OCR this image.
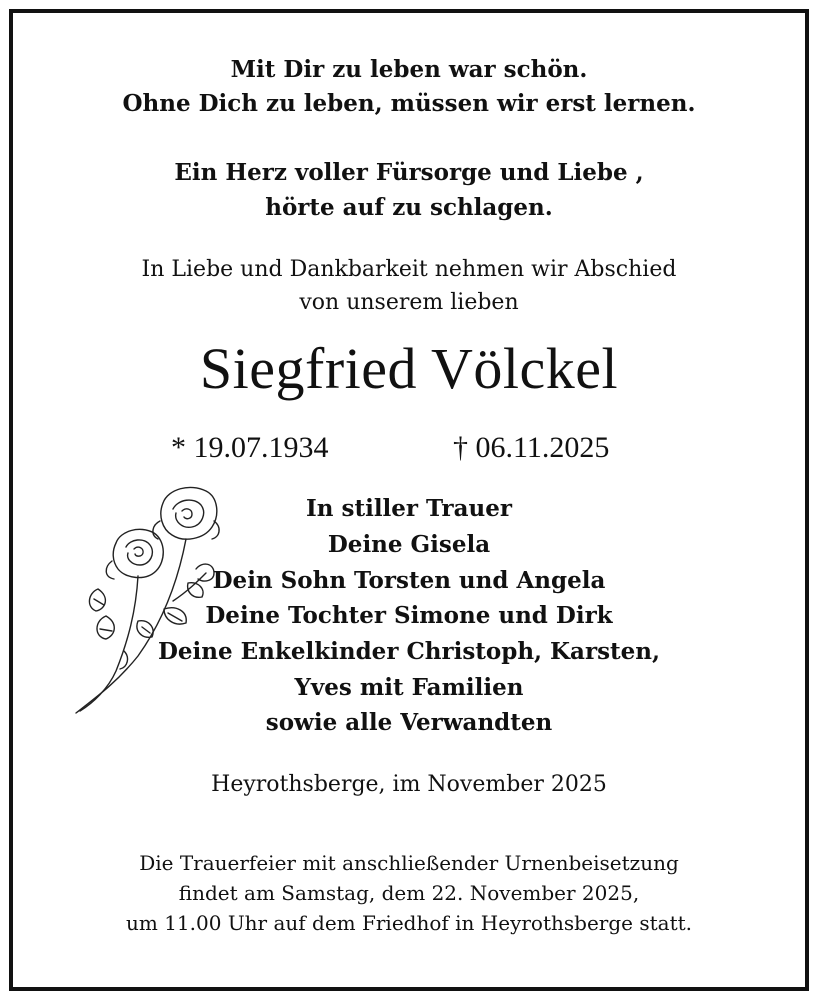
Mit Dir zu leben war schön.
Ohne Dich zu leben, müssen wir erst lernen.
Ein Herz voller Fürsorge und Liebe ,
hörte auf zu schlagen.
In Liebe und Dankbarkeit nehmen wir Abschied
von unserem lieben
Siegfried Völckel
* 19.07.1934	† 06.11.2025
In stiller Trauer
Deine Gisela
Dein Sohn Torsten und Angela
Deine Tochter Simone und Dirk
Deine Enkelkinder Christoph, Karsten,
Yves mit Familien
sowie alle Verwandten
Heyrothsberge, im November 2025
Die Trauerfeier mit anschließender Urnenbeisetzung
findet am Samstag, dem 22. November 2025,
um 11.00 Uhr auf dem Friedhof in Heyrothsberge statt.
